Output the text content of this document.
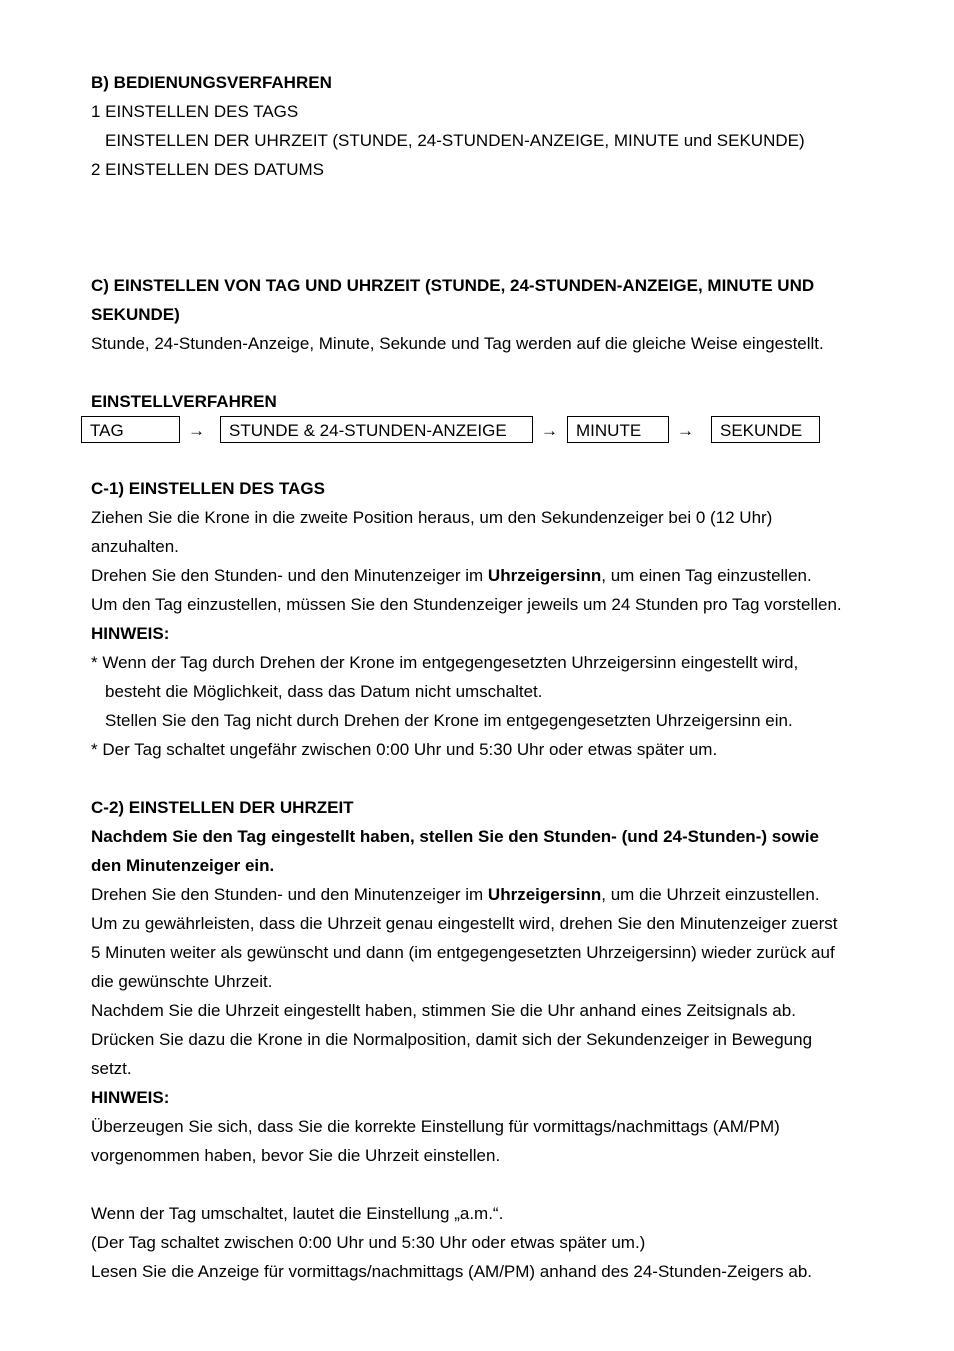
B) BEDIENUNGSVERFAHREN
1 EINSTELLEN DES TAGS
EINSTELLEN DER UHRZEIT (STUNDE, 24-STUNDEN-ANZEIGE, MINUTE und SEKUNDE)
2 EINSTELLEN DES DATUMS
C) EINSTELLEN VON TAG UND UHRZEIT (STUNDE, 24-STUNDEN-ANZEIGE, MINUTE UND
SEKUNDE)
Stunde, 24-Stunden-Anzeige, Minute, Sekunde und Tag werden auf die gleiche Weise eingestellt.
EINSTELLVERFAHREN
TAG	→	STUNDE & 24-STUNDEN-ANZEIGE	→	MINUTE	→	SEKUNDE
C-1) EINSTELLEN DES TAGS
Ziehen Sie die Krone in die zweite Position heraus, um den Sekundenzeiger bei 0 (12 Uhr)
anzuhalten.
Drehen Sie den Stunden- und den Minutenzeiger im Uhrzeigersinn, um einen Tag einzustellen.
Um den Tag einzustellen, müssen Sie den Stundenzeiger jeweils um 24 Stunden pro Tag vorstellen.
HINWEIS:
* Wenn der Tag durch Drehen der Krone im entgegengesetzten Uhrzeigersinn eingestellt wird,
besteht die Möglichkeit, dass das Datum nicht umschaltet.
Stellen Sie den Tag nicht durch Drehen der Krone im entgegengesetzten Uhrzeigersinn ein.
* Der Tag schaltet ungefähr zwischen 0:00 Uhr und 5:30 Uhr oder etwas später um.
C-2) EINSTELLEN DER UHRZEIT
Nachdem Sie den Tag eingestellt haben, stellen Sie den Stunden- (und 24-Stunden-) sowie
den Minutenzeiger ein.
Drehen Sie den Stunden- und den Minutenzeiger im Uhrzeigersinn, um die Uhrzeit einzustellen.
Um zu gewährleisten, dass die Uhrzeit genau eingestellt wird, drehen Sie den Minutenzeiger zuerst
5 Minuten weiter als gewünscht und dann (im entgegengesetzten Uhrzeigersinn) wieder zurück auf
die gewünschte Uhrzeit.
Nachdem Sie die Uhrzeit eingestellt haben, stimmen Sie die Uhr anhand eines Zeitsignals ab.
Drücken Sie dazu die Krone in die Normalposition, damit sich der Sekundenzeiger in Bewegung
setzt.
HINWEIS:
Überzeugen Sie sich, dass Sie die korrekte Einstellung für vormittags/nachmittags (AM/PM)
vorgenommen haben, bevor Sie die Uhrzeit einstellen.
Wenn der Tag umschaltet, lautet die Einstellung „a.m.“.
(Der Tag schaltet zwischen 0:00 Uhr und 5:30 Uhr oder etwas später um.)
Lesen Sie die Anzeige für vormittags/nachmittags (AM/PM) anhand des 24-Stunden-Zeigers ab.
